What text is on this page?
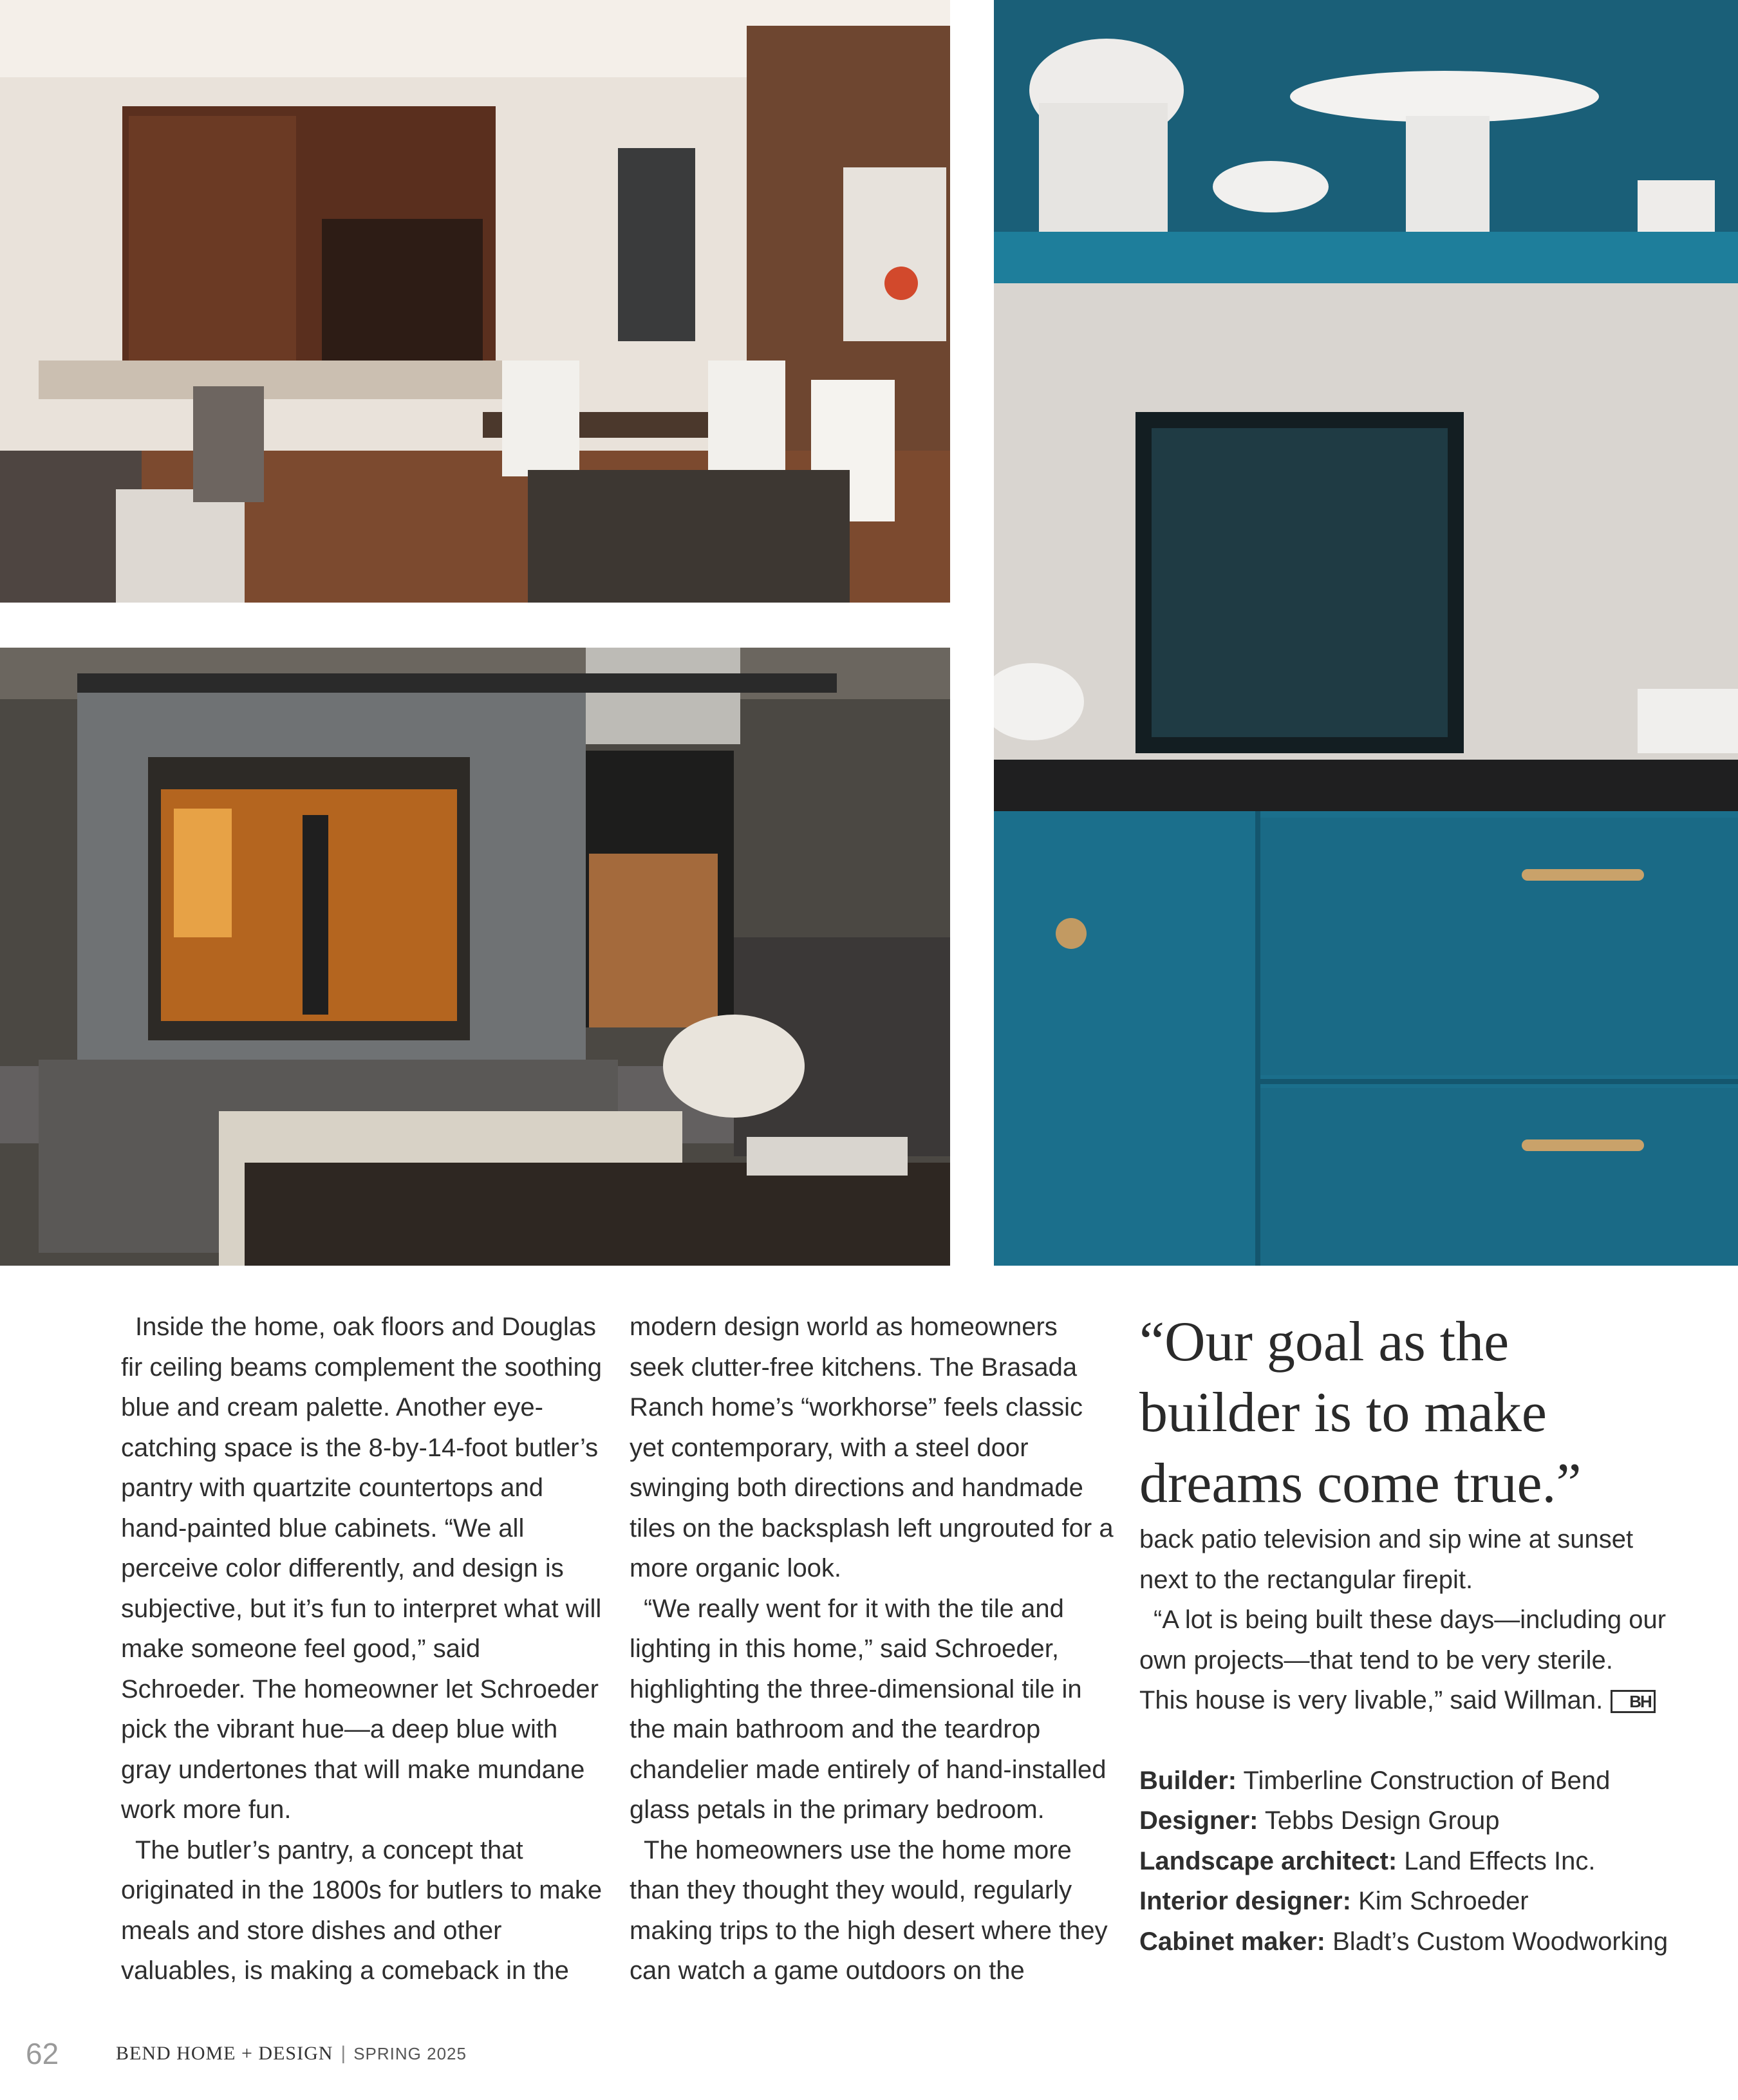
Inside the home, oak floors and Douglas fir ceiling beams complement the soothing blue and cream palette. Another eye-catching space is the 8-by-14-foot butler’s pantry with quartzite countertops and hand-painted blue cabinets. “We all perceive color differently, and design is subjective, but it’s fun to interpret what will make someone feel good,” said Schroeder. The homeowner let Schroeder pick the vibrant hue—a deep blue with gray undertones that will make mundane work more fun.

The butler’s pantry, a concept that originated in the 1800s for butlers to make meals and store dishes and other valuables, is making a comeback in the

modern design world as homeowners seek clutter-free kitchens. The Brasada Ranch home’s “workhorse” feels classic yet contemporary, with a steel door swinging both directions and handmade tiles on the backsplash left ungrouted for a more organic look.

“We really went for it with the tile and lighting in this home,” said Schroeder, highlighting the three-dimensional tile in the main bathroom and the teardrop chandelier made entirely of hand-installed glass petals in the primary bedroom.

The homeowners use the home more than they thought they would, regularly making trips to the high desert where they can watch a game outdoors on the

“Our goal as the builder is to make dreams come true.”

back patio television and sip wine at sunset next to the rectangular firepit.

“A lot is being built these days—including our own projects—that tend to be very sterile. This house is very livable,” said Willman. BH

Builder: Timberline Construction of Bend
Designer: Tebbs Design Group
Landscape architect: Land Effects Inc.
Interior designer: Kim Schroeder
Cabinet maker: Bladt’s Custom Woodworking
62	BEND HOME + DESIGN | SPRING 2025
